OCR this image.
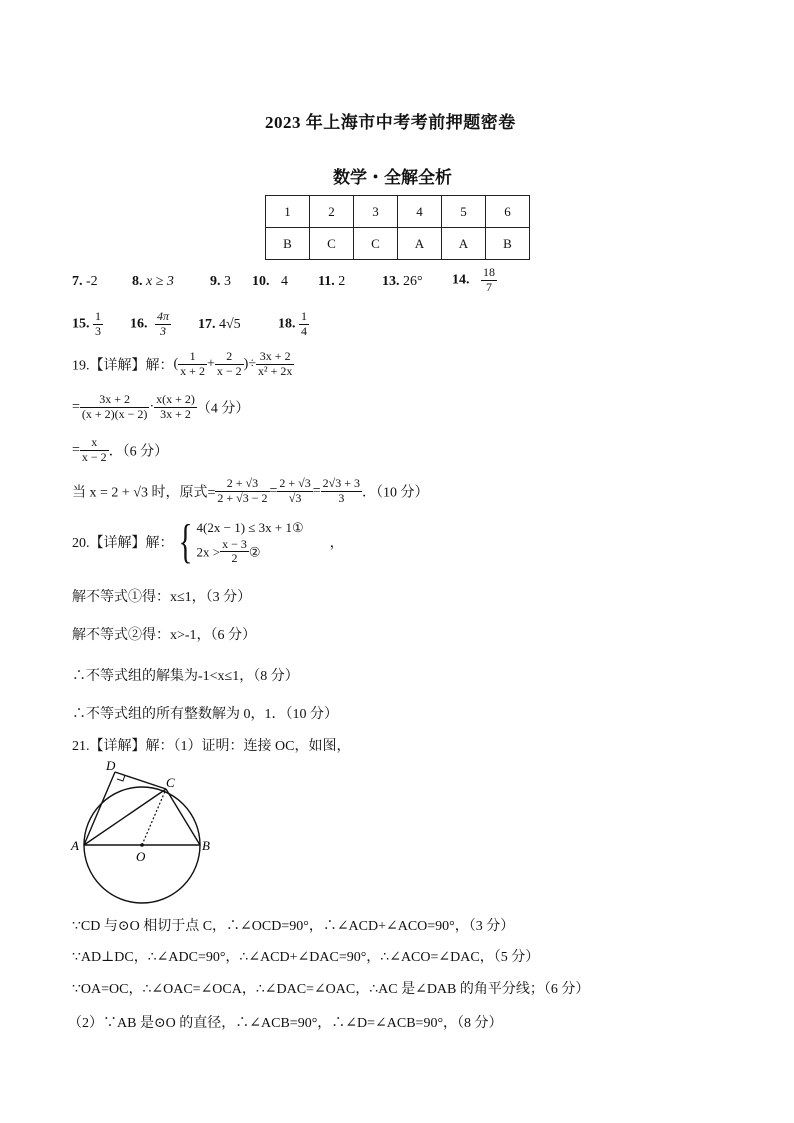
2023 年上海市中考考前押题密卷
数学・全解全析
1	2	3	4	5	6
B	C	C	A	A	B
7. -2 8. x ≥ 3	9. 3 10. 4 11. 2	13. 26° 14. $\frac{18}{7}$
15. $\frac{1}{3} 16$. $\frac{4\pi}{3} 17$. 4√5	18. $\frac{1}{4}$
19.【详解】解：( $\frac{1}{x + 2} + \frac{2}{x - 2}$ )÷ $\frac{3x + 2}{\text{x² + 2x}}$
= $\frac{3x + 2}{(x + 2)(x - 2)} \cdot \frac{x(x + 2)}{3x + 2} (4$ 分）
= $\frac{x}{x - 2}$ ．（6 分）
当 x = 2 + √3 时，原式= $\frac{2 + √3}{2 + √3 - 2} = \frac{2 + √3}{√3} = \frac{2√3 + 3}{3}$ ．（10 分）
20.【详解】解：{ 4(2x − 1) ≤ 3x + 1①
$2x > \frac{x - 3}{2}$ ②
，
解不等式①得：x≤1，（3 分）
解不等式②得：x>-1，（6 分）
∴不等式组的解集为-1<x≤1，（8 分）
∴不等式组的所有整数解为 0，1．（10 分）
21.【详解】解：（1）证明：连接 OC，如图，
D
C
A
O
B
∵CD 与⊙O 相切于点 C，∴∠OCD=90°，∴∠ACD+∠ACO=90°，（3 分）
∵AD⊥DC，∴∠ADC=90°，∴∠ACD+∠DAC=90°，∴∠ACO=∠DAC，（5 分）
∵OA=OC，∴∠OAC=∠OCA，∴∠DAC=∠OAC，∴AC 是∠DAB 的角平分线；（6 分）
（2）∵AB 是⊙O 的直径，∴∠ACB=90°，∴∠D=∠ACB=90°，（8 分）
